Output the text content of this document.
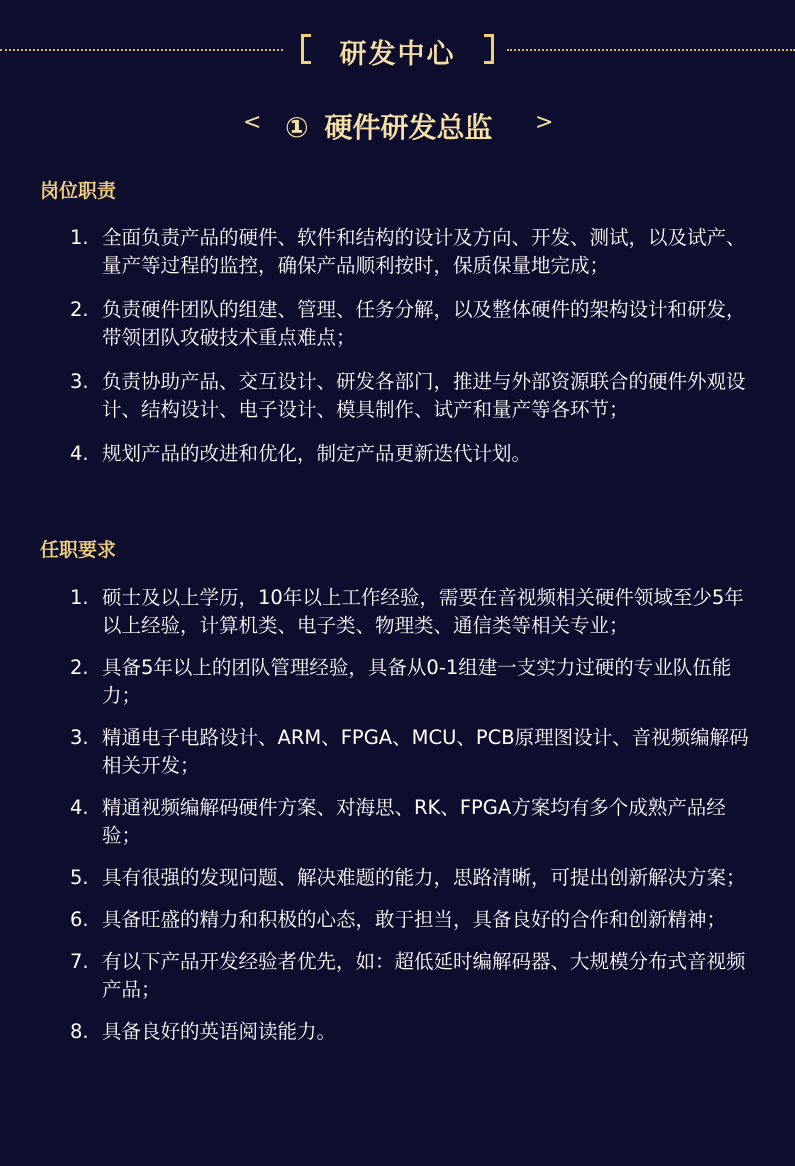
研发中心
< ① 硬件研发总监	>
岗位职责
1. 全面负责产品的硬件、软件和结构的设计及方向、开发、测试，以及试产、量产等过程的监控，确保产品顺利按时，保质保量地完成；
2. 负责硬件团队的组建、管理、任务分解，以及整体硬件的架构设计和研发，带领团队攻破技术重点难点；
3. 负责协助产品、交互设计、研发各部门，推进与外部资源联合的硬件外观设计、结构设计、电子设计、模具制作、试产和量产等各环节；
4. 规划产品的改进和优化，制定产品更新迭代计划。
任职要求
1. 硕士及以上学历，10年以上工作经验，需要在音视频相关硬件领域至少5年以上经验，计算机类、电子类、物理类、通信类等相关专业；
2. 具备5年以上的团队管理经验，具备从0-1组建一支实力过硬的专业队伍能力；
3. 精通电子电路设计、ARM、FPGA、MCU、PCB原理图设计、音视频编解码相关开发；
4. 精通视频编解码硬件方案、对海思、RK、FPGA方案均有多个成熟产品经验；
5. 具有很强的发现问题、解决难题的能力，思路清晰，可提出创新解决方案；
6. 具备旺盛的精力和积极的心态，敢于担当，具备良好的合作和创新精神；
7. 有以下产品开发经验者优先，如：超低延时编解码器、大规模分布式音视频产品；
8. 具备良好的英语阅读能力。
